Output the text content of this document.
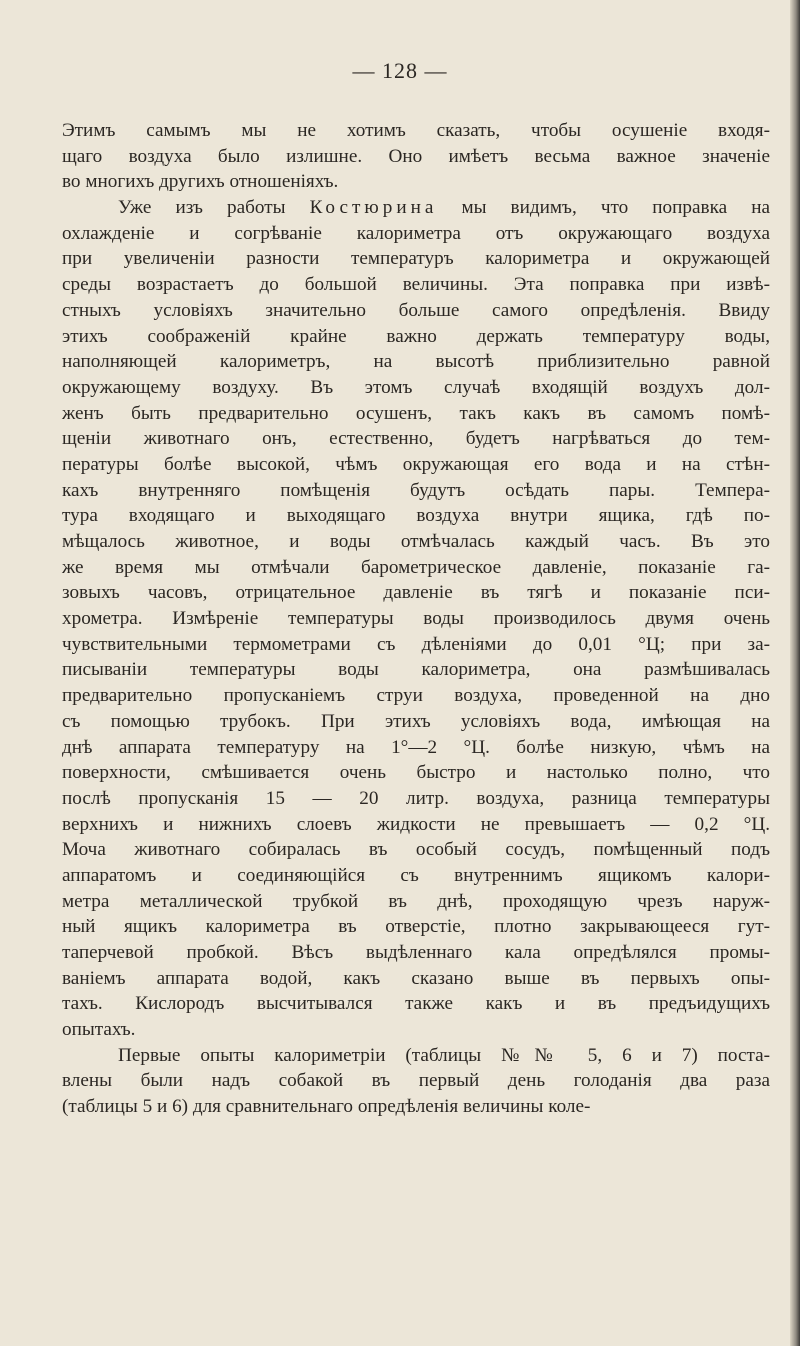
— 128 —
Этимъ самымъ мы не хотимъ сказать, чтобы осушеніе входя-
щаго воздуха было излишне. Оно имѣетъ весьма важное значеніе
во многихъ другихъ отношеніяхъ.
Уже изъ работы Костюрина мы видимъ, что поправка на
охлажденіе и согрѣваніе калориметра отъ окружающаго воздуха
при увеличеніи разности температуръ калориметра и окружающей
среды возрастаетъ до большой величины. Эта поправка при извѣ-
стныхъ условіяхъ значительно больше самого опредѣленія. Ввиду
этихъ соображеній крайне важно держать температуру воды,
наполняющей калориметръ, на высотѣ приблизительно равной
окружающему воздуху. Въ этомъ случаѣ входящій воздухъ дол-
женъ быть предварительно осушенъ, такъ какъ въ самомъ помѣ-
щеніи животнаго онъ, естественно, будетъ нагрѣваться до тем-
пературы болѣе высокой, чѣмъ окружающая его вода и на стѣн-
кахъ внутренняго помѣщенія будутъ осѣдать пары. Темпера-
тура входящаго и выходящаго воздуха внутри ящика, гдѣ по-
мѣщалось животное, и воды отмѣчалась каждый часъ. Въ это
же время мы отмѣчали барометрическое давленіе, показаніе га-
зовыхъ часовъ, отрицательное давленіе въ тягѣ и показаніе пси-
хрометра. Измѣреніе температуры воды производилось двумя очень
чувствительными термометрами съ дѣленіями до 0,01 °Ц; при за-
писываніи температуры воды калориметра, она размѣшивалась
предварительно пропусканіемъ струи воздуха, проведенной на дно
съ помощью трубокъ. При этихъ условіяхъ вода, имѣющая на
днѣ аппарата температуру на 1°—2 °Ц. болѣе низкую, чѣмъ на
поверхности, смѣшивается очень быстро и настолько полно, что
послѣ пропусканія 15 — 20 литр. воздуха, разница температуры
верхнихъ и нижнихъ слоевъ жидкости не превышаетъ — 0,2 °Ц.
Моча животнаго собиралась въ особый сосудъ, помѣщенный подъ
аппаратомъ и соединяющійся съ внутреннимъ ящикомъ калори-
метра металлической трубкой въ днѣ, проходящую чрезъ наруж-
ный ящикъ калориметра въ отверстіе, плотно закрывающееся гут-
таперчевой пробкой. Вѣсъ выдѣленнаго кала опредѣлялся промы-
ваніемъ аппарата водой, какъ сказано выше въ первыхъ опы-
тахъ. Кислородъ высчитывался также какъ и въ предъидущихъ
опытахъ.
Первые опыты калориметріи (таблицы №№ 5, 6 и 7) поста-
влены были надъ собакой въ первый день голоданія два раза
(таблицы 5 и 6) для сравнительнаго опредѣленія величины коле-
